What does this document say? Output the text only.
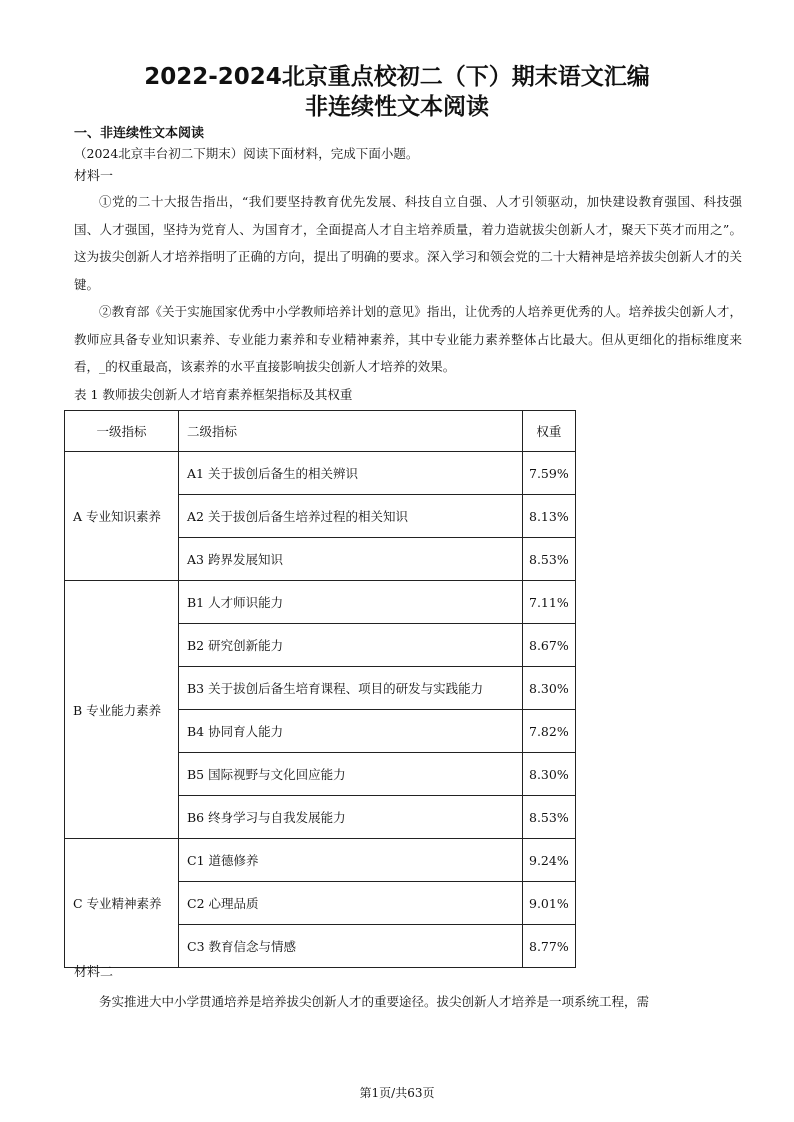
2022-2024北京重点校初二（下）期末语文汇编
非连续性文本阅读
一、非连续性文本阅读
（2024北京丰台初二下期末）阅读下面材料，完成下面小题。
材料一

①党的二十大报告指出，“我们要坚持教育优先发展、科技自立自强、人才引领驱动，加快建设教育强国、科技强国、人才强国，坚持为党育人、为国育才，全面提高人才自主培养质量，着力造就拔尖创新人才，聚天下英才而用之”。这为拔尖创新人才培养指明了正确的方向，提出了明确的要求。深入学习和领会党的二十大精神是培养拔尖创新人才的关键。

②教育部《关于实施国家优秀中小学教师培养计划的意见》指出，让优秀的人培养更优秀的人。培养拔尖创新人才，教师应具备专业知识素养、专业能力素养和专业精神素养，其中专业能力素养整体占比最大。但从更细化的指标维度来看，_的权重最高，该素养的水平直接影响拔尖创新人才培养的效果。

表 1 教师拔尖创新人才培育素养框架指标及其权重
一级指标	二级指标	权重
A 专业知识素养	A1 关于拔创后备生的相关辨识	7.59%
	A2 关于拔创后备生培养过程的相关知识	8.13%
	A3 跨界发展知识	8.53%
B 专业能力素养	B1 人才师识能力	7.11%
	B2 研究创新能力	8.67%
	B3 关于拔创后备生培育课程、项目的研发与实践能力	8.30%
	B4 协同育人能力	7.82%
	B5 国际视野与文化回应能力	8.30%
	B6 终身学习与自我发展能力	8.53%
C 专业精神素养	C1 道德修养	9.24%
	C2 心理品质	9.01%
	C3 教育信念与情感	8.77%
材料二

务实推进大中小学贯通培养是培养拔尖创新人才的重要途径。拔尖创新人才培养是一项系统工程，需

第1页/共63页
